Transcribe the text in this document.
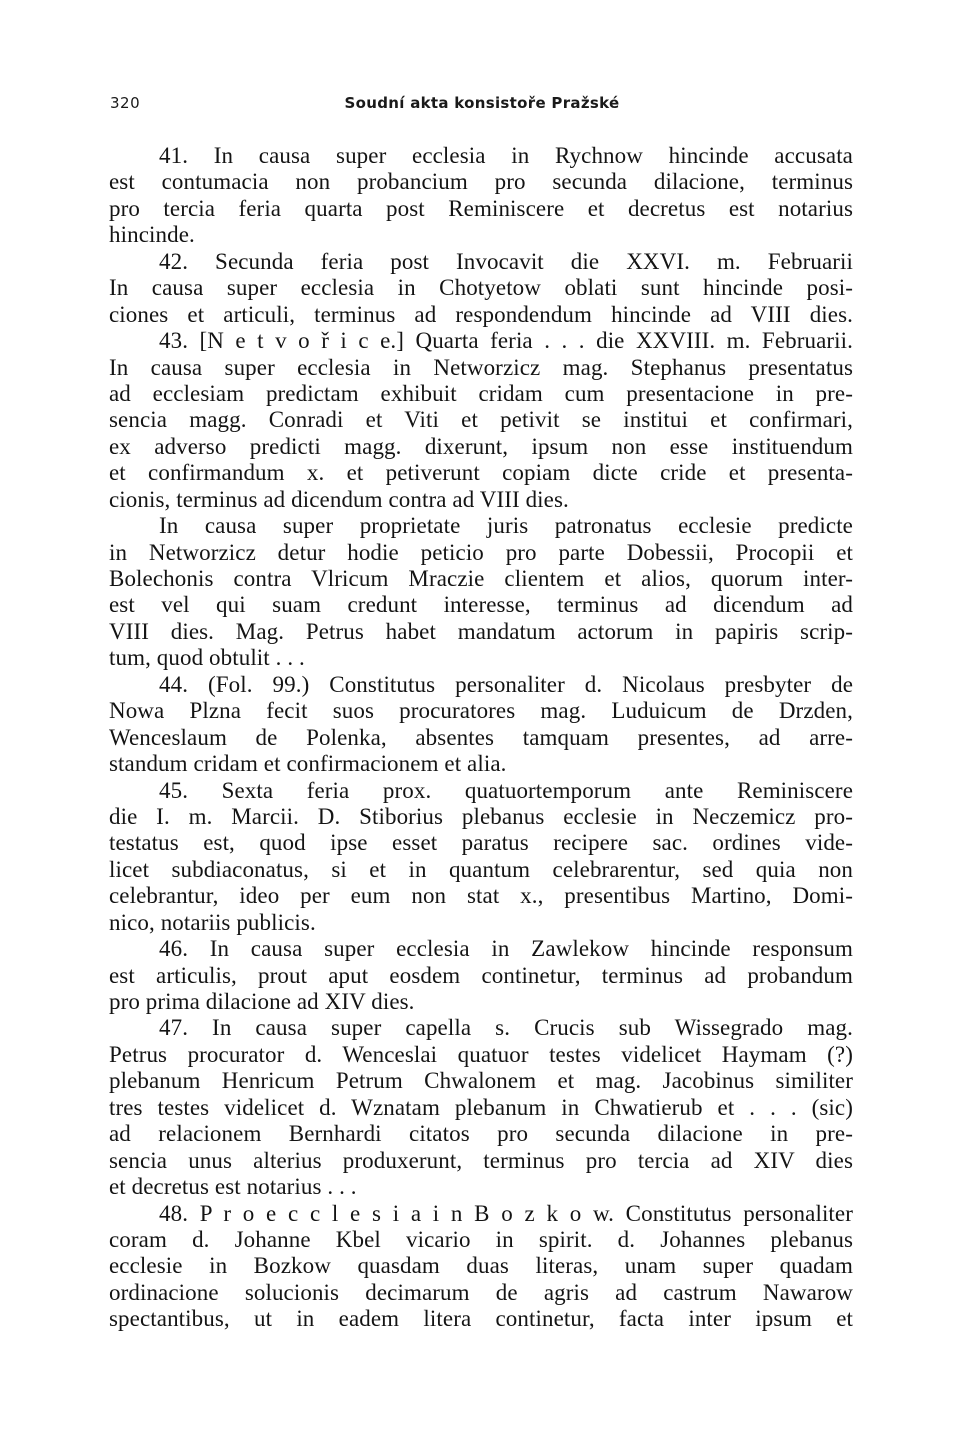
320	Soudní akta konsistoře Pražské
41. In causa super ecclesia in Rychnow hincinde accusata
est contumacia non probancium pro secunda dilacione, terminus
pro tercia feria quarta post Reminiscere et decretus est notarius
hincinde.
42. Secunda feria post Invocavit die XXVI. m. Februarii
In causa super ecclesia in Chotyetow oblati sunt hincinde posi-
ciones et articuli, terminus ad respondendum hincinde ad VIII dies.
43. [N e t v o ř i c e.] Quarta feria . . . die XXVIII. m. Februarii.
In causa super ecclesia in Networzicz mag. Stephanus presentatus
ad ecclesiam predictam exhibuit cridam cum presentacione in pre-
sencia magg. Conradi et Viti et petivit se institui et confirmari,
ex adverso predicti magg. dixerunt, ipsum non esse instituendum
et confirmandum x. et petiverunt copiam dicte cride et presenta-
cionis, terminus ad dicendum contra ad VIII dies.
In causa super proprietate juris patronatus ecclesie predicte
in Networzicz detur hodie peticio pro parte Dobessii, Procopii et
Bolechonis contra Vlricum Mraczie clientem et alios, quorum inter-
est vel qui suam credunt interesse, terminus ad dicendum ad
VIII dies. Mag. Petrus habet mandatum actorum in papiris scrip-
tum, quod obtulit . . .
44. (Fol. 99.) Constitutus personaliter d. Nicolaus presbyter de
Nowa Plzna fecit suos procuratores mag. Luduicum de Drzden,
Wenceslaum de Polenka, absentes tamquam presentes, ad arre-
standum cridam et confirmacionem et alia.
45. Sexta feria prox. quatuortemporum ante Reminiscere
die I. m. Marcii. D. Stiborius plebanus ecclesie in Neczemicz pro-
testatus est, quod ipse esset paratus recipere sac. ordines vide-
licet subdiaconatus, si et in quantum celebrarentur, sed quia non
celebrantur, ideo per eum non stat x., presentibus Martino, Domi-
nico, notariis publicis.
46. In causa super ecclesia in Zawlekow hincinde responsum
est articulis, prout aput eosdem continetur, terminus ad probandum
pro prima dilacione ad XIV dies.
47. In causa super capella s. Crucis sub Wissegrado mag.
Petrus procurator d. Wenceslai quatuor testes videlicet Haymam (?)
plebanum Henricum Petrum Chwalonem et mag. Jacobinus similiter
tres testes videlicet d. Wznatam plebanum in Chwatierub et . . . (sic)
ad relacionem Bernhardi citatos pro secunda dilacione in pre-
sencia unus alterius produxerunt, terminus pro tercia ad XIV dies
et decretus est notarius . . .
48. P r o e c c l e s i a i n B o z k o w. Constitutus personaliter
coram d. Johanne Kbel vicario in spirit. d. Johannes plebanus
ecclesie in Bozkow quasdam duas literas, unam super quadam
ordinacione solucionis decimarum de agris ad castrum Nawarow
spectantibus, ut in eadem litera continetur, facta inter ipsum et
